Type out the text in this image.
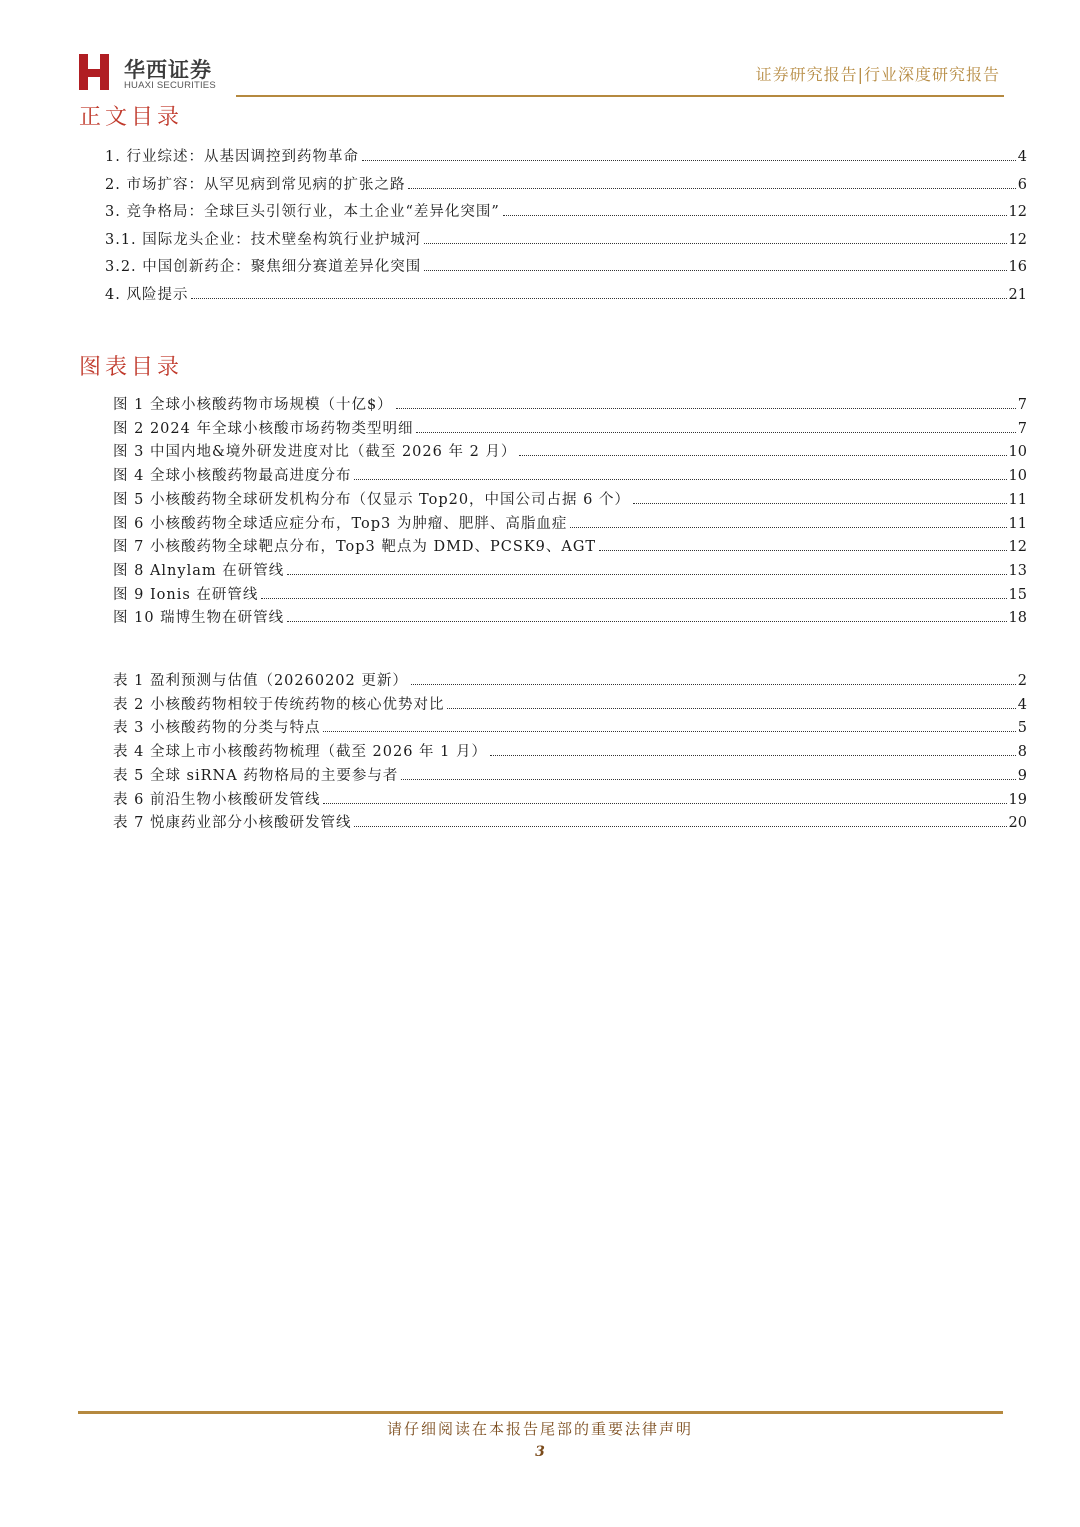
华西证券
HUAXI SECURITIES
证券研究报告|行业深度研究报告
正文目录
1. 行业综述：从基因调控到药物革命	4
2. 市场扩容：从罕见病到常见病的扩张之路	6
3. 竞争格局：全球巨头引领行业，本土企业“差异化突围”	12
3.1. 国际龙头企业：技术壁垒构筑行业护城河	12
3.2. 中国创新药企：聚焦细分赛道差异化突围	16
4. 风险提示	21
图表目录
图 1 全球小核酸药物市场规模（十亿$）	7
图 2 2024 年全球小核酸市场药物类型明细	7
图 3 中国内地&境外研发进度对比（截至 2026 年 2 月）	10
图 4 全球小核酸药物最高进度分布	10
图 5 小核酸药物全球研发机构分布（仅显示 Top20，中国公司占据 6 个）	11
图 6 小核酸药物全球适应症分布，Top3 为肿瘤、肥胖、高脂血症	11
图 7 小核酸药物全球靶点分布，Top3 靶点为 DMD、PCSK9、AGT	12
图 8 Alnylam 在研管线	13
图 9 Ionis 在研管线	15
图 10 瑞博生物在研管线	18
表 1 盈利预测与估值（20260202 更新）	2
表 2 小核酸药物相较于传统药物的核心优势对比	4
表 3 小核酸药物的分类与特点	5
表 4 全球上市小核酸药物梳理（截至 2026 年 1 月）	8
表 5 全球 siRNA 药物格局的主要参与者	9
表 6 前沿生物小核酸研发管线	19
表 7 悦康药业部分小核酸研发管线	20
请仔细阅读在本报告尾部的重要法律声明
3
